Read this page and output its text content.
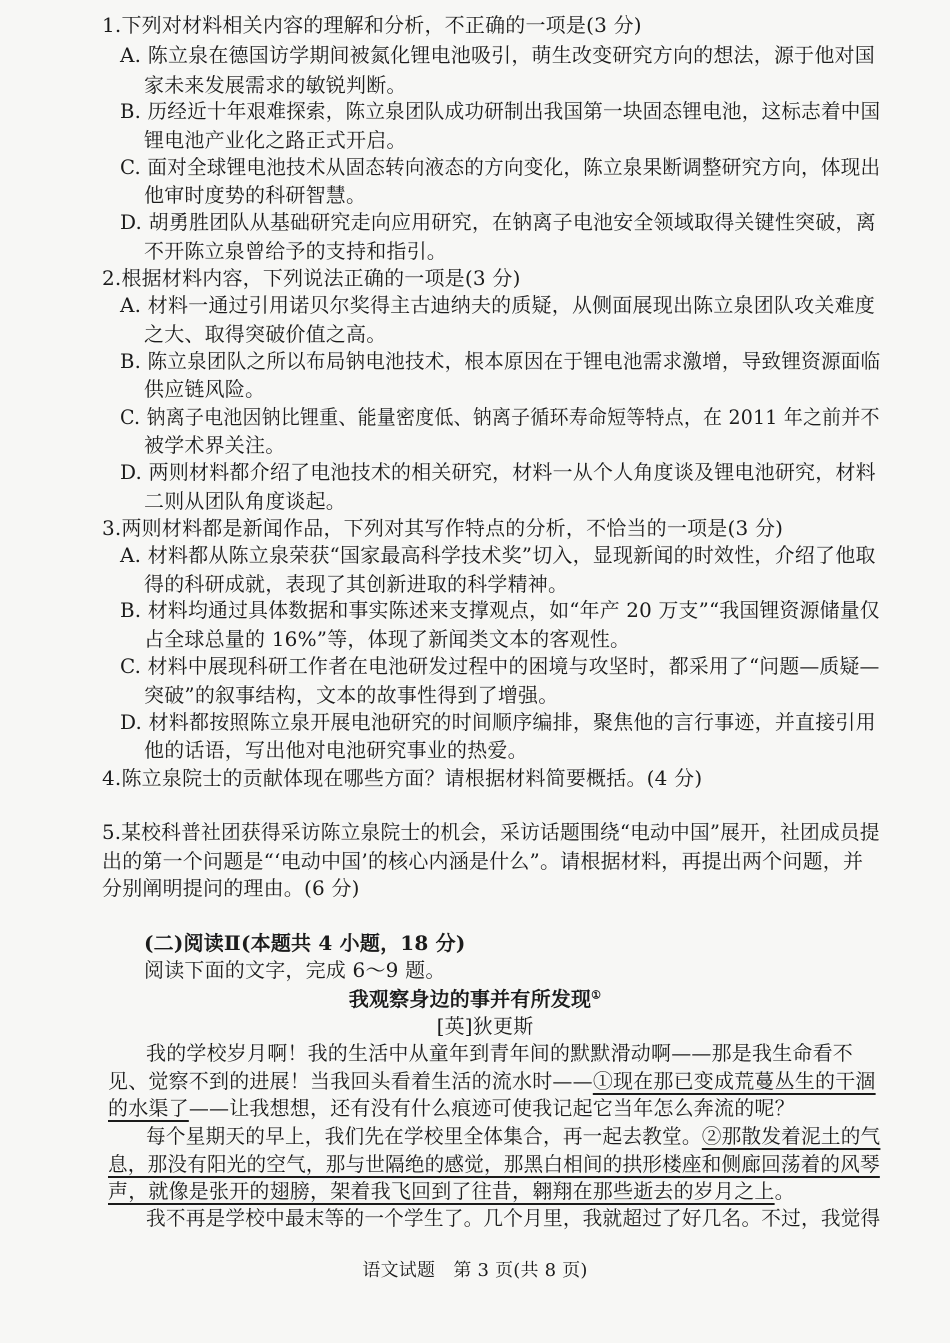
1.下列对材料相关内容的理解和分析，不正确的一项是(3 分)
A. 陈立泉在德国访学期间被氮化锂电池吸引，萌生改变研究方向的想法，源于他对国
家未来发展需求的敏锐判断。
B. 历经近十年艰难探索，陈立泉团队成功研制出我国第一块固态锂电池，这标志着中国
锂电池产业化之路正式开启。
C. 面对全球锂电池技术从固态转向液态的方向变化，陈立泉果断调整研究方向，体现出
他审时度势的科研智慧。
D. 胡勇胜团队从基础研究走向应用研究，在钠离子电池安全领域取得关键性突破，离
不开陈立泉曾给予的支持和指引。
2.根据材料内容，下列说法正确的一项是(3 分)
A. 材料一通过引用诺贝尔奖得主古迪纳夫的质疑，从侧面展现出陈立泉团队攻关难度
之大、取得突破价值之高。
B. 陈立泉团队之所以布局钠电池技术，根本原因在于锂电池需求激增，导致锂资源面临
供应链风险。
C. 钠离子电池因钠比锂重、能量密度低、钠离子循环寿命短等特点，在 2011 年之前并不
被学术界关注。
D. 两则材料都介绍了电池技术的相关研究，材料一从个人角度谈及锂电池研究，材料
二则从团队角度谈起。
3.两则材料都是新闻作品，下列对其写作特点的分析，不恰当的一项是(3 分)
A. 材料都从陈立泉荣获“国家最高科学技术奖”切入，显现新闻的时效性，介绍了他取
得的科研成就，表现了其创新进取的科学精神。
B. 材料均通过具体数据和事实陈述来支撑观点，如“年产 20 万支”“我国锂资源储量仅
占全球总量的 16%”等，体现了新闻类文本的客观性。
C. 材料中展现科研工作者在电池研发过程中的困境与攻坚时，都采用了“问题—质疑—
突破”的叙事结构，文本的故事性得到了增强。
D. 材料都按照陈立泉开展电池研究的时间顺序编排，聚焦他的言行事迹，并直接引用
他的话语，写出他对电池研究事业的热爱。
4.陈立泉院士的贡献体现在哪些方面？请根据材料简要概括。(4 分)
5.某校科普社团获得采访陈立泉院士的机会，采访话题围绕“电动中国”展开，社团成员提
出的第一个问题是“‘电动中国’的核心内涵是什么”。请根据材料，再提出两个问题，并
分别阐明提问的理由。(6 分)
(二)阅读Ⅱ(本题共 4 小题，18 分)
阅读下面的文字，完成 6～9 题。
我观察身边的事并有所发现①
[英]狄更斯
我的学校岁月啊！我的生活中从童年到青年间的默默滑动啊——那是我生命看不
见、觉察不到的进展！当我回头看着生活的流水时——①现在那已变成荒蔓丛生的干涸
的水渠了——让我想想，还有没有什么痕迹可使我记起它当年怎么奔流的呢？
每个星期天的早上，我们先在学校里全体集合，再一起去教堂。②那散发着泥土的气
息，那没有阳光的空气，那与世隔绝的感觉，那黑白相间的拱形楼座和侧廊回荡着的风琴
声，就像是张开的翅膀，架着我飞回到了往昔，翱翔在那些逝去的岁月之上。
我不再是学校中最末等的一个学生了。几个月里，我就超过了好几名。不过，我觉得
语文试题　第 3 页(共 8 页)
